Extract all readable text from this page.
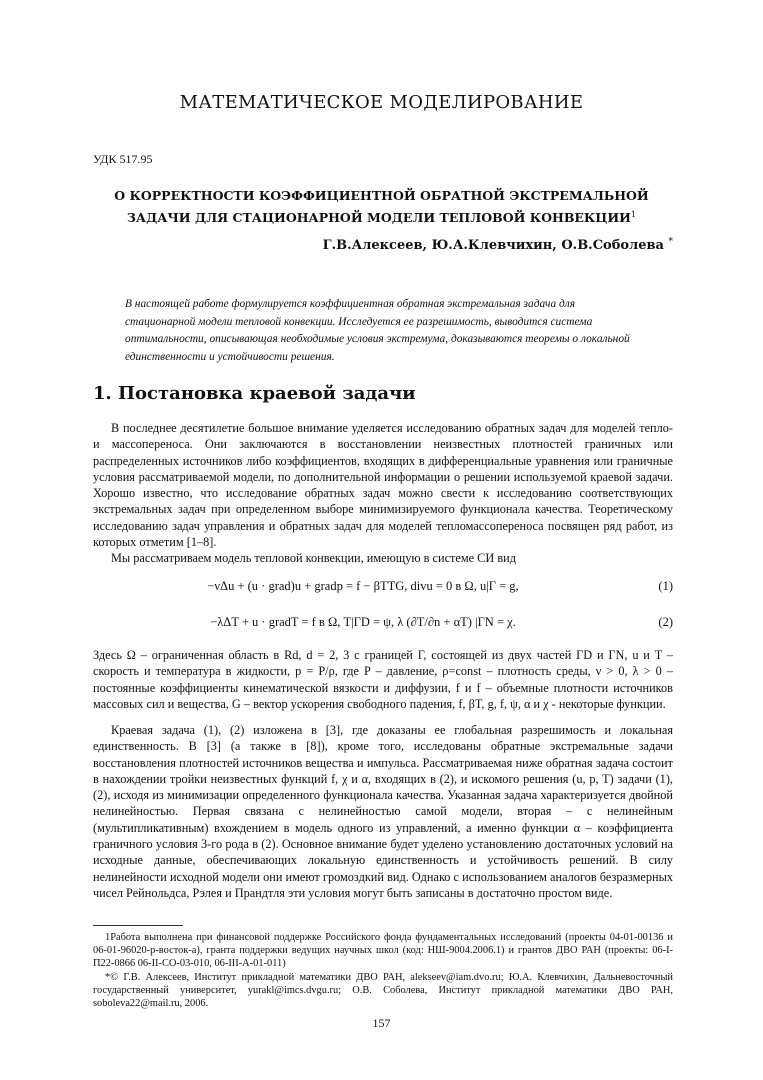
МАТЕМАТИЧЕСКОЕ МОДЕЛИРОВАНИЕ
УДК 517.95
О КОРРЕКТНОСТИ КОЭФФИЦИЕНТНОЙ ОБРАТНОЙ ЭКСТРЕМАЛЬНОЙ ЗАДАЧИ ДЛЯ СТАЦИОНАРНОЙ МОДЕЛИ ТЕПЛОВОЙ КОНВЕКЦИИ$^1$
Г.В.Алексеев, Ю.А.Клевчихин, О.В.Соболева *
В настоящей работе формулируется коэффициентная обратная экстремальная задача для стационарной модели тепловой конвекции. Исследуется ее разрешимость, выводится система оптимальности, описывающая необходимые условия экстремума, доказываются теоремы о локальной единственности и устойчивости решения.
1. Постановка краевой задачи

В последнее десятилетие большое внимание уделяется исследованию обратных задач для моделей тепло- и массопереноса. Они заключаются в восстановлении неизвестных плотностей граничных или распределенных источников либо коэффициентов, входящих в дифференциальные уравнения или граничные условия рассматриваемой модели, по дополнительной информации о решении используемой краевой задачи. Хорошо известно, что исследование обратных задач можно свести к исследованию соответствующих экстремальных задач при определенном выборе минимизируемого функционала качества. Теоретическому исследованию задач управления и обратных задач для моделей тепломассопереноса посвящен ряд работ, из которых отметим [1–8].

Мы рассматриваем модель тепловой конвекции, имеющую в системе СИ вид

−νΔu + (u · grad)u + gradp = f − βTTG, divu = 0 в Ω, u|Γ = g,	(1)
−λΔT + u · gradT = f в Ω, T|ΓD = ψ, λ (∂T/∂n + αT) |ΓN = χ.	(2)

Здесь Ω – ограниченная область в Rd, d = 2, 3 с границей Γ, состоящей из двух частей ΓD и ΓN, u и T – скорость и температура в жидкости, p = P/ρ, где P – давление, ρ=const – плотность среды, ν > 0, λ > 0 – постоянные коэффициенты кинематической вязкости и диффузии, f и f – объемные плотности источников массовых сил и вещества, G – вектор ускорения свободного падения, f, βT, g, f, ψ, α и χ - некоторые функции.

Краевая задача (1), (2) изложена в [3], где доказаны ее глобальная разрешимость и локальная единственность. В [3] (а также в [8]), кроме того, исследованы обратные экстремальные задачи восстановления плотностей источников вещества и импульса. Рассматриваемая ниже обратная задача состоит в нахождении тройки неизвестных функций f, χ и α, входящих в (2), и искомого решения (u, p, T) задачи (1), (2), исходя из минимизации определенного функционала качества. Указанная задача характеризуется двойной нелинейностью. Первая связана с нелинейностью самой модели, вторая – с нелинейным (мультипликативным) вхождением в модель одного из управлений, а именно функции α – коэффициента граничного условия 3-го рода в (2). Основное внимание будет уделено установлению достаточных условий на исходные данные, обеспечивающих локальную единственность и устойчивость решений. В силу нелинейности исходной модели они имеют громоздкий вид. Однако с использованием аналогов безразмерных чисел Рейнольдса, Рэлея и Прандтля эти условия могут быть записаны в достаточно простом виде.

1Работа выполнена при финансовой поддержке Российского фонда фундаментальных исследований (проекты 04-01-00136 и 06-01-96020-р-восток-а), гранта поддержки ведущих научных школ (код: НШ-9004.2006.1) и грантов ДВО РАН (проекты: 06-I-П22-0866 06-II-СО-03-010, 06-III-А-01-011)

*© Г.В. Алексеев, Институт прикладной математики ДВО РАН, alekseev@iam.dvo.ru; Ю.А. Клевчихин, Дальневосточный государственный университет, yurakl@imcs.dvgu.ru; О.В. Соболева, Институт прикладной математики ДВО РАН, soboleva22@mail.ru, 2006.

157
